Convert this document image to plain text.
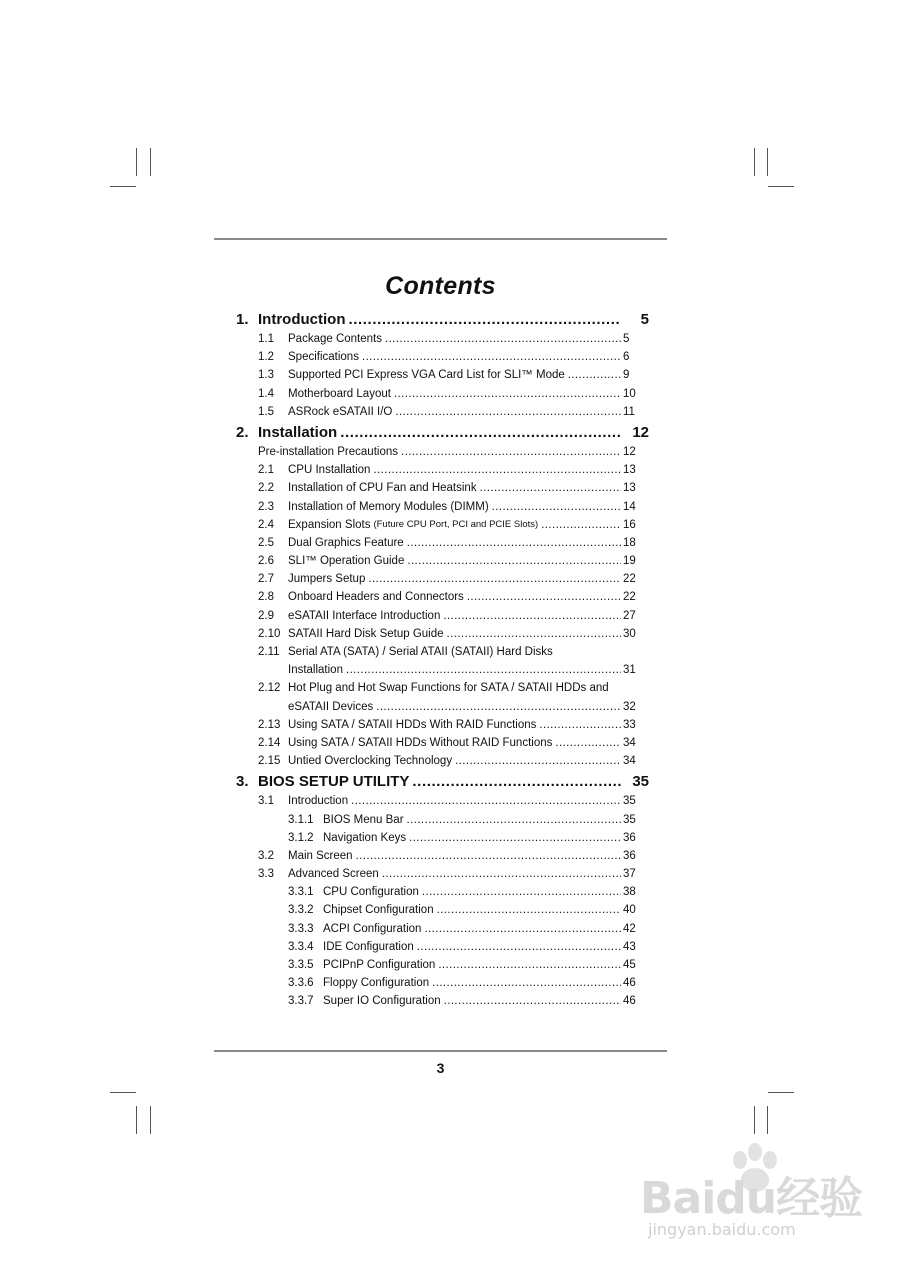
Contents
1. Introduction .....	5
1.1 Package Contents .....	5
1.2 Specifications .....	6
1.3 Supported PCI Express VGA Card List for SLI™ Mode .....	9
1.4 Motherboard Layout .....	10
1.5 ASRock eSATAII I/O .....	11
2. Installation .....	12
Pre-installation Precautions .....	12
2.1 CPU Installation .....	13
2.2 Installation of CPU Fan and Heatsink .....	13
2.3 Installation of Memory Modules (DIMM) .....	14
2.4 Expansion Slots (Future CPU Port, PCI and PCIE Slots) .....	16
2.5 Dual Graphics Feature .....	18
2.6 SLI™ Operation Guide .....	19
2.7 Jumpers Setup .....	22
2.8 Onboard Headers and Connectors .....	22
2.9 eSATAII Interface Introduction .....	27
2.10 SATAII Hard Disk Setup Guide .....	30
2.11 Serial ATA (SATA) / Serial ATAII (SATAII) Hard Disks
Installation .....	31
2.12 Hot Plug and Hot Swap Functions for SATA / SATAII HDDs and
eSATAII Devices .....	32
2.13 Using SATA / SATAII HDDs With RAID Functions .....	33
2.14 Using SATA / SATAII HDDs Without RAID Functions .....	34
2.15 Untied Overclocking Technology .....	34
3. BIOS SETUP UTILITY .....	35
3.1 Introduction .....	35
3.1.1 BIOS Menu Bar .....	35
3.1.2 Navigation Keys .....	36
3.2 Main Screen .....	36
3.3 Advanced Screen .....	37
3.3.1 CPU Configuration .....	38
3.3.2 Chipset Configuration .....	40
3.3.3 ACPI Configuration .....	42
3.3.4 IDE Configuration .....	43
3.3.5 PCIPnP Configuration .....	45
3.3.6 Floppy Configuration .....	46
3.3.7 Super IO Configuration .....	46
3
Baidu经验
jingyan.baidu.com
